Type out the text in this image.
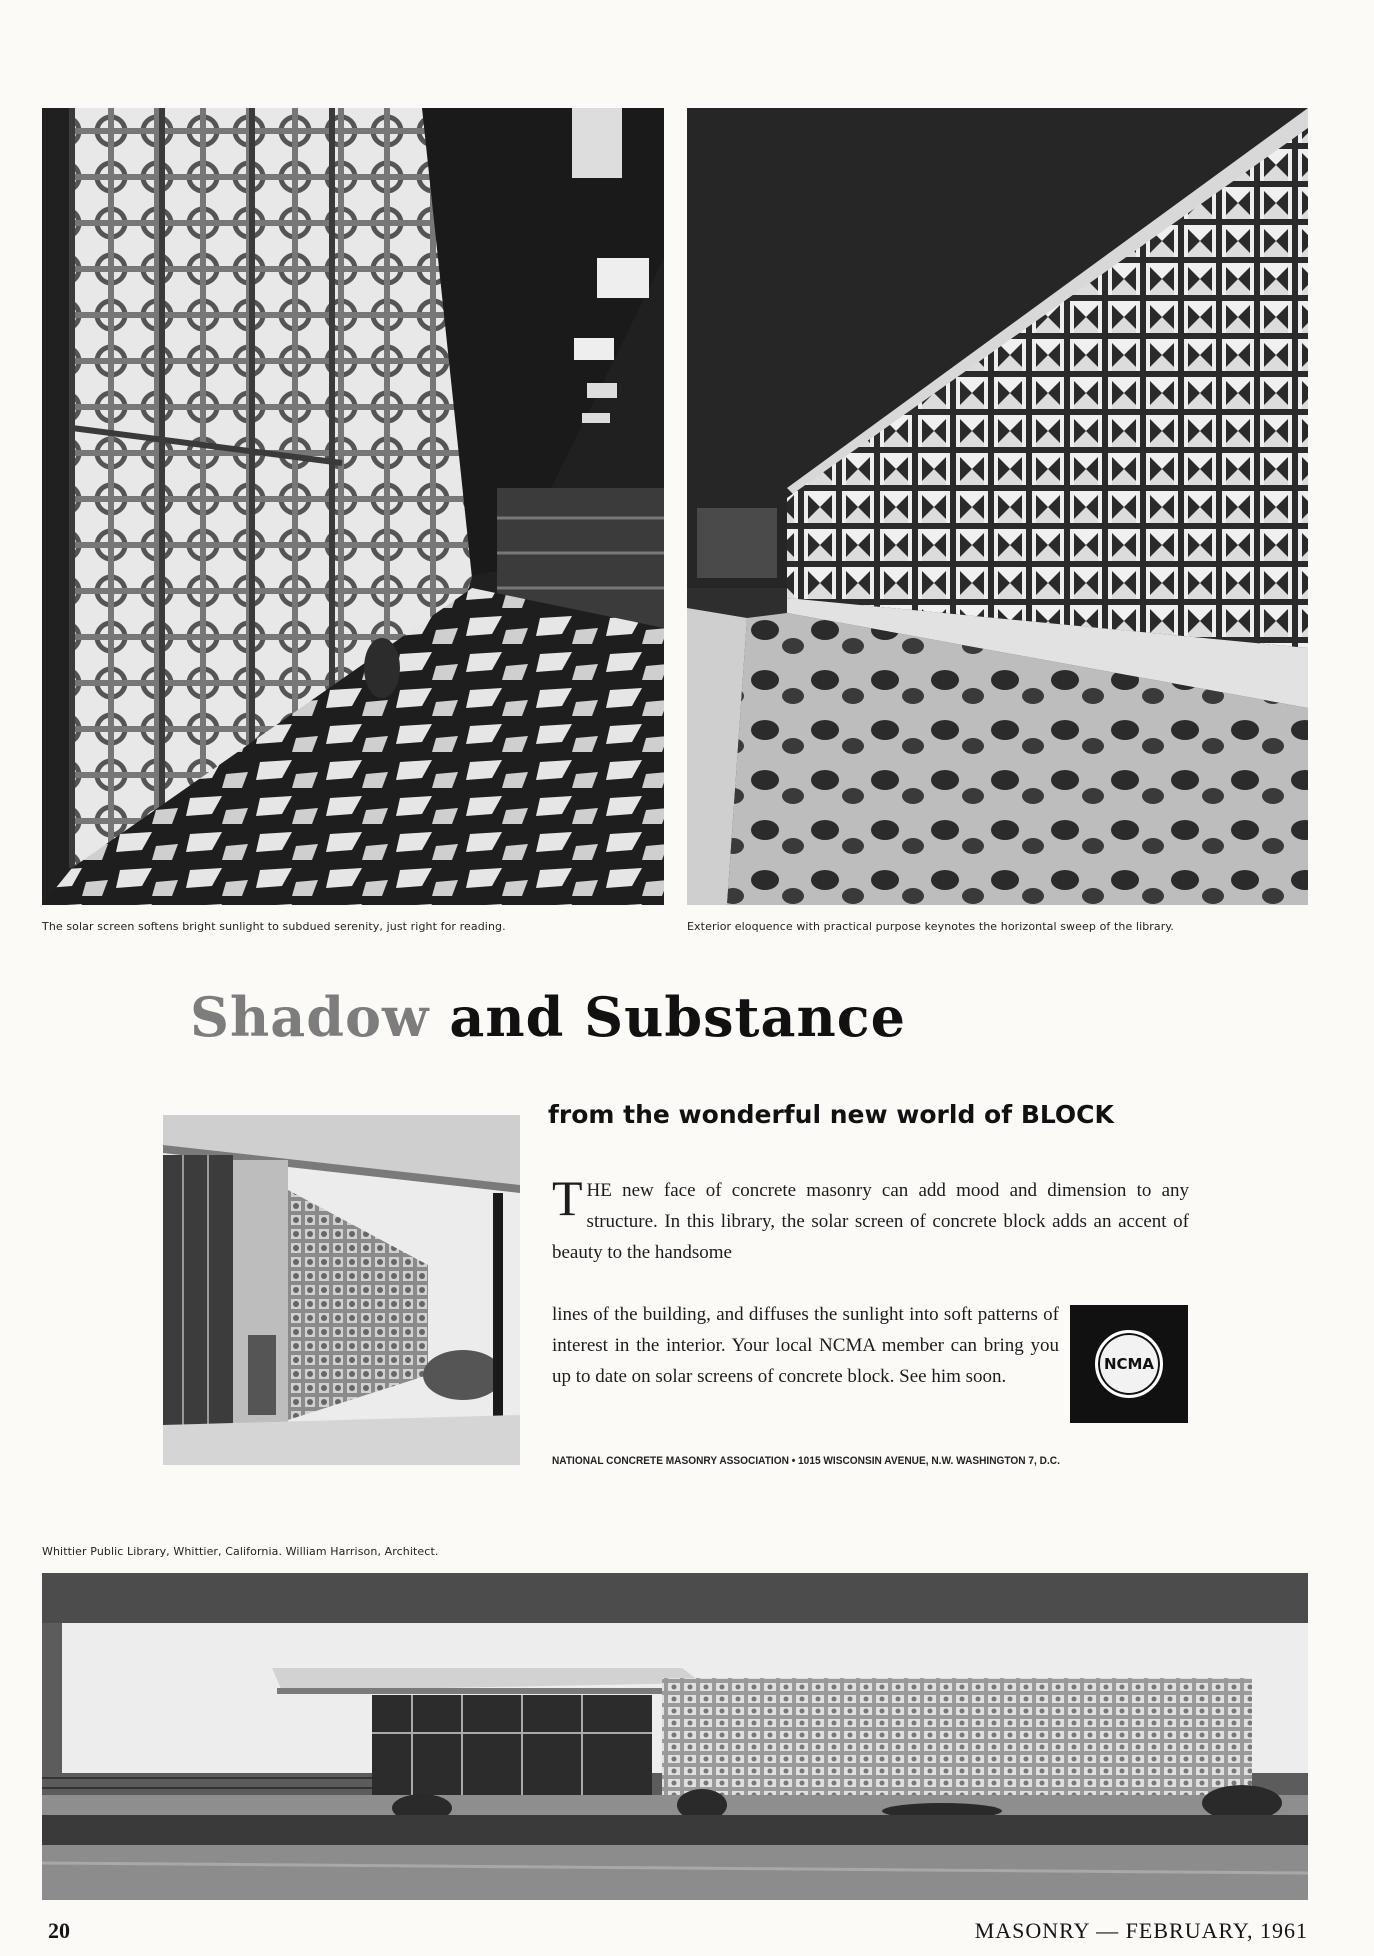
The solar screen softens bright sunlight to subdued serenity, just right for reading.	Exterior eloquence with practical purpose keynotes the horizontal sweep of the library.
Shadow and Substance
from the wonderful new world of BLOCK
T HE new face of concrete masonry can add mood and dimension to any structure. In this library, the solar screen of concrete block adds an accent of beauty to the handsome
lines of the building, and diffuses the sunlight into soft patterns of interest in the interior. Your local NCMA member can bring you up to date on solar screens of concrete block. See him soon.
NCMA
NATIONAL CONCRETE MASONRY ASSOCIATION • 1015 WISCONSIN AVENUE, N.W. WASHINGTON 7, D.C.
Whittier Public Library, Whittier, California. William Harrison, Architect.
20	MASONRY — FEBRUARY, 1961
